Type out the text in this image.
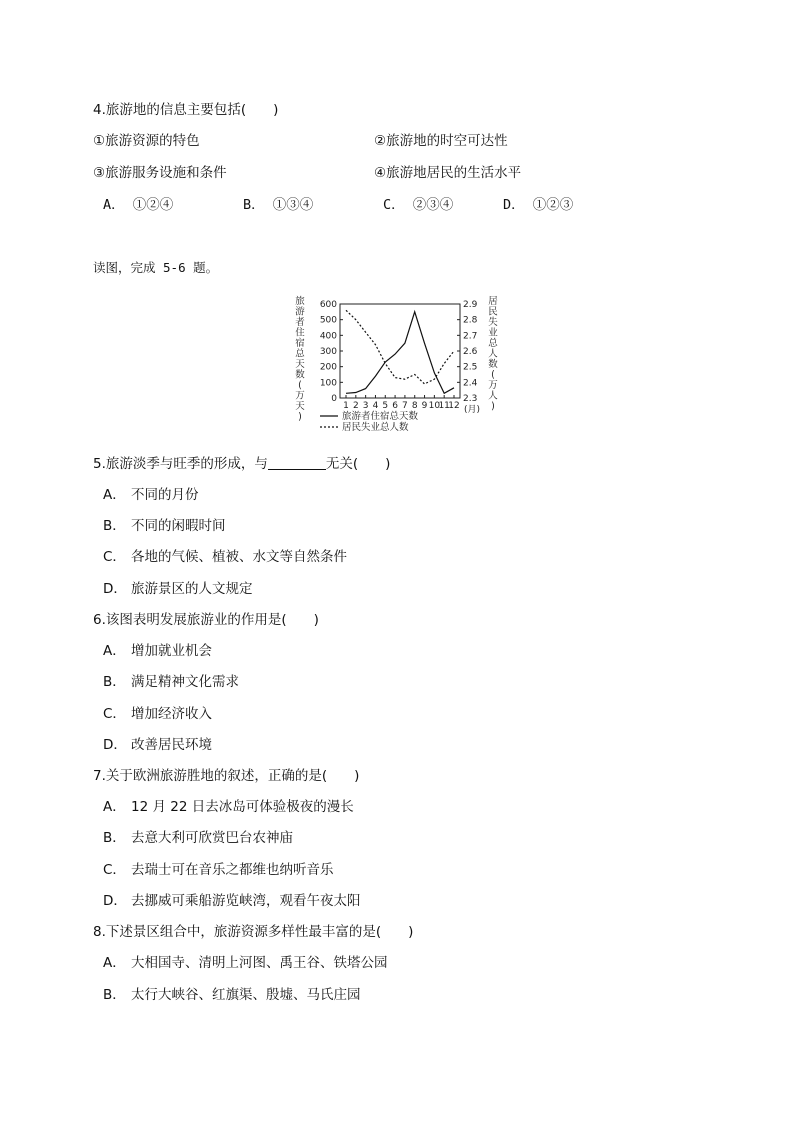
4.旅游地的信息主要包括(　　)
①旅游资源的特色	②旅游地的时空可达性
③旅游服务设施和条件	④旅游地居民的生活水平
A． ①②④	B． ①③④	C． ②③④	D． ①②③
读图，完成 5-6 题。
旅
游
者
住
宿
总
天
数
(
万
天
)
居
民
失
业
总
人
数
(
万
人
)
0
100
200
300
400
500
600
2.3
2.4
2.5
2.6
2.7
2.8
2.9
1 2 3 4 5 6 7 8 9 10
11
12 (月)
旅游者住宿总天数
居民失业总人数
5.旅游淡季与旺季的形成，与	无关(　　)
A． 不同的月份
B． 不同的闲暇时间
C． 各地的气候、植被、水文等自然条件
D． 旅游景区的人文规定
6.该图表明发展旅游业的作用是(　　)
A． 增加就业机会
B． 满足精神文化需求
C． 增加经济收入
D． 改善居民环境
7.关于欧洲旅游胜地的叙述，正确的是(　　)
A． 12 月 22 日去冰岛可体验极夜的漫长
B． 去意大利可欣赏巴台农神庙
C． 去瑞士可在音乐之都维也纳听音乐
D． 去挪威可乘船游览峡湾，观看午夜太阳
8.下述景区组合中，旅游资源多样性最丰富的是(　　)
A． 大相国寺、清明上河图、禹王谷、铁塔公园
B． 太行大峡谷、红旗渠、殷墟、马氏庄园
